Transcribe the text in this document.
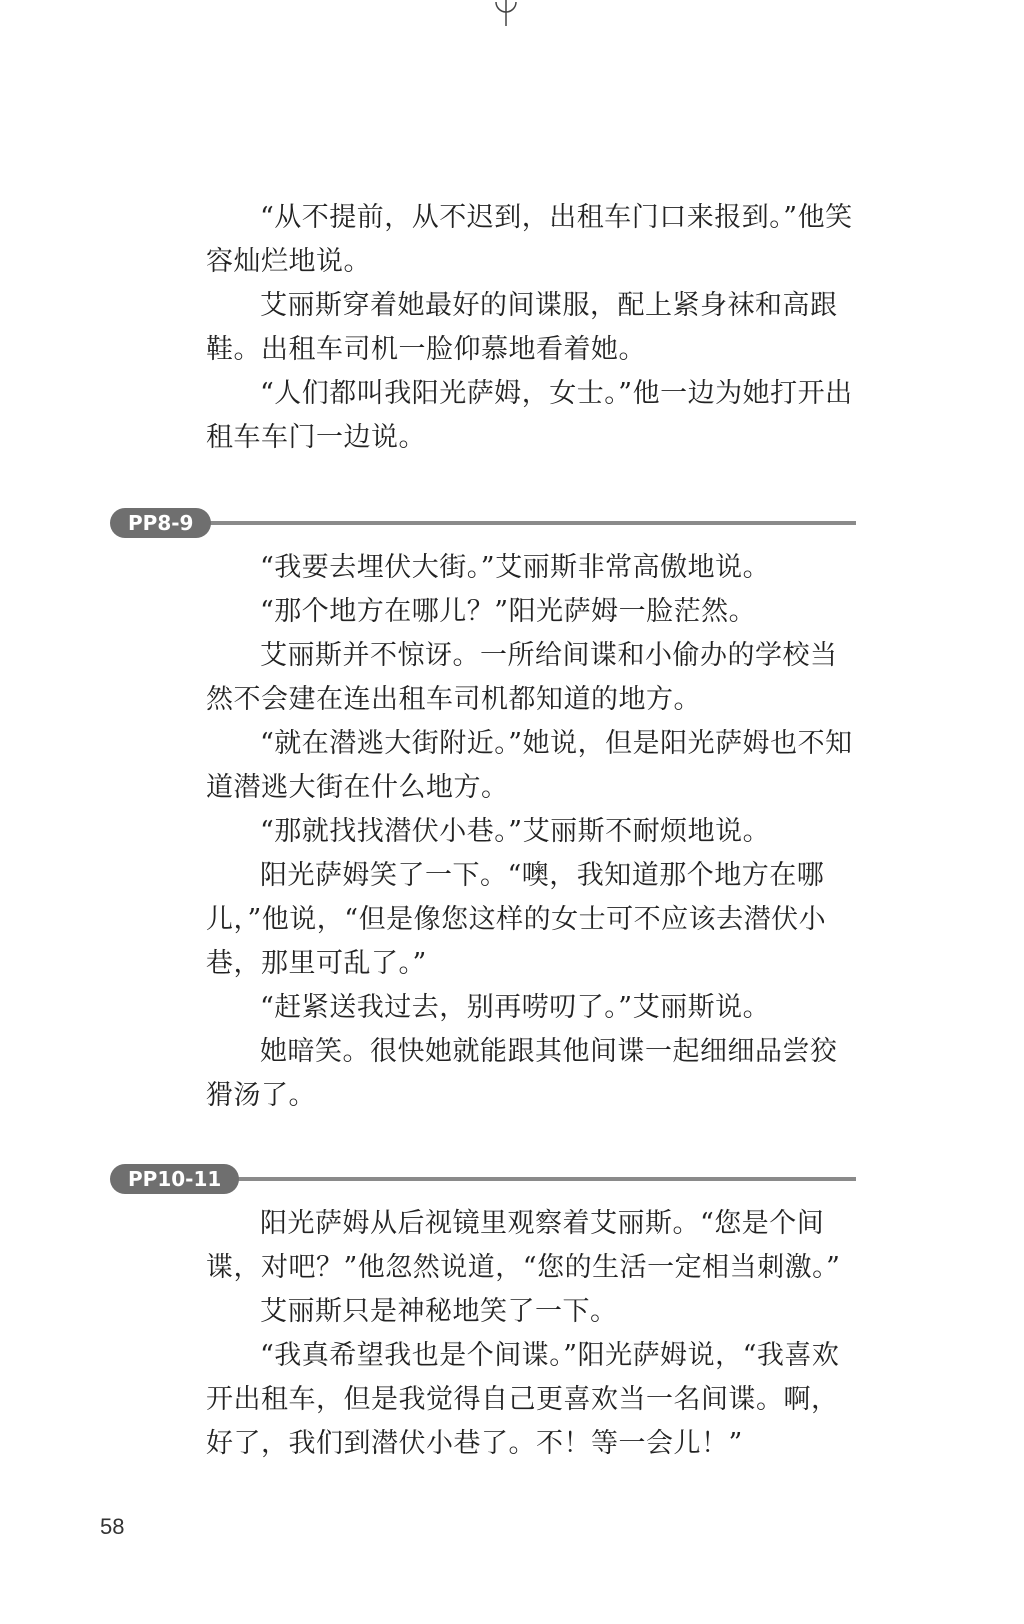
“从不提前，从不迟到，出租车门口来报到。”他笑容灿烂地说。

艾丽斯穿着她最好的间谍服，配上紧身袜和高跟鞋。出租车司机一脸仰慕地看着她。

“人们都叫我阳光萨姆，女士。”他一边为她打开出租车车门一边说。

PP8-9

“我要去埋伏大街。”艾丽斯非常高傲地说。

“那个地方在哪儿？”阳光萨姆一脸茫然。

艾丽斯并不惊讶。一所给间谍和小偷办的学校当然不会建在连出租车司机都知道的地方。

“就在潜逃大街附近。”她说，但是阳光萨姆也不知道潜逃大街在什么地方。

“那就找找潜伏小巷。”艾丽斯不耐烦地说。

阳光萨姆笑了一下。“噢，我知道那个地方在哪儿，”他说，“但是像您这样的女士可不应该去潜伏小巷，那里可乱了。”

“赶紧送我过去，别再唠叨了。”艾丽斯说。

她暗笑。很快她就能跟其他间谍一起细细品尝狡猾汤了。

PP10-11

阳光萨姆从后视镜里观察着艾丽斯。“您是个间谍，对吧？”他忽然说道，“您的生活一定相当刺激。”

艾丽斯只是神秘地笑了一下。

“我真希望我也是个间谍。”阳光萨姆说，“我喜欢开出租车，但是我觉得自己更喜欢当一名间谍。啊，好了，我们到潜伏小巷了。不！等一会儿！”

58
